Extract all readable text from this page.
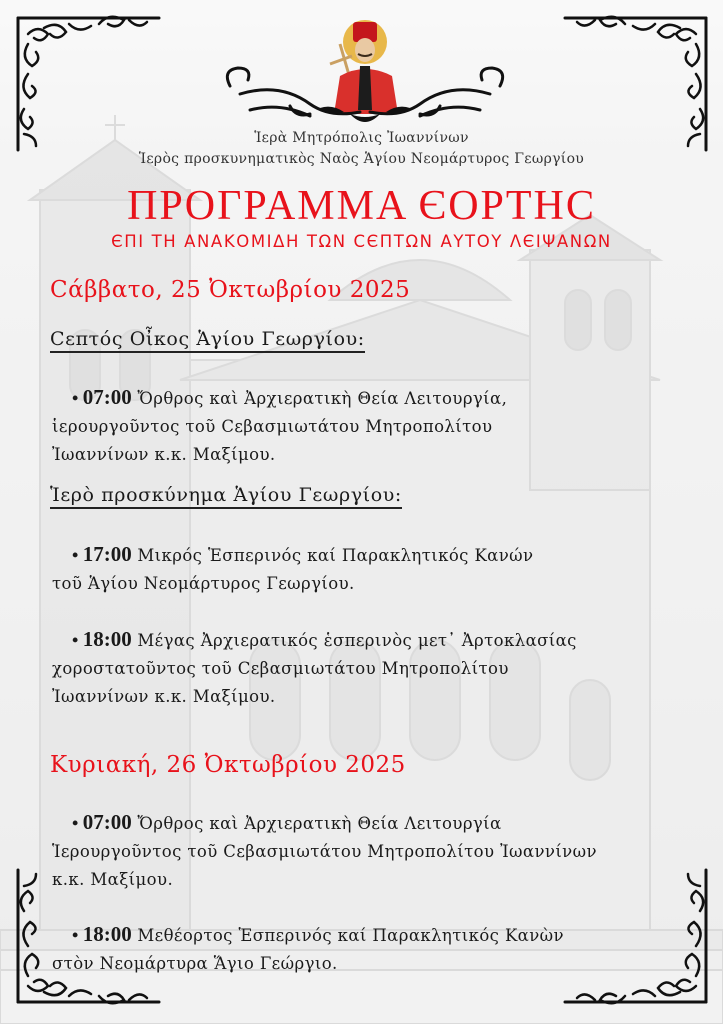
Ἱερὰ Μητρόπολις Ἰωαννίνων
Ἱερὸς προσκυνηματικὸς Ναὸς Ἁγίου Νεομάρτυρος Γεωργίου
ΠΡΟΓΡΑΜΜΑ ЄΟΡΤΗϹ
ЄΠΙ ΤΗ ΑΝΑΚΟΜΙΔΗ ΤΩΝ ϹЄΠΤΩΝ ΑΥΤΟΥ ΛЄΙΨΑΝΩΝ
Ϲάββατο, 25 Ὀκτωβρίου 2025
Ϲεπτός Οἶκος Ἁγίου Γεωργίου:
• 07:00 Ὄρθρος καὶ Ἀρχιερατικὴ Θεία Λειτουργία,
ἱερουργοῦντος τοῦ Ϲεβασμιωτάτου Μητροπολίτου
Ἰωαννίνων κ.κ. Μαξίμου.
Ἱερὸ προσκύνημα Ἁγίου Γεωργίου:
• 17:00 Μικρός Ἑσπερινός καί Παρακλητικός Κανών
τοῦ Ἁγίου Νεομάρτυρος Γεωργίου.
• 18:00 Μέγας Ἀρχιερατικός ἑσπερινὸς μετ᾽ Ἀρτοκλασίας
χοροστατοῦντος τοῦ Ϲεβασμιωτάτου Μητροπολίτου
Ἰωαννίνων κ.κ. Μαξίμου.
Κυριακή, 26 Ὀκτωβρίου 2025
• 07:00 Ὄρθρος καὶ Ἀρχιερατικὴ Θεία Λειτουργία
Ἱερουργοῦντος τοῦ Ϲεβασμιωτάτου Μητροπολίτου Ἰωαννίνων
κ.κ. Μαξίμου.
• 18:00 Μεθέορτος Ἑσπερινός καί Παρακλητικός Κανὼν
στὸν Νεομάρτυρα Ἅγιο Γεώργιο.
